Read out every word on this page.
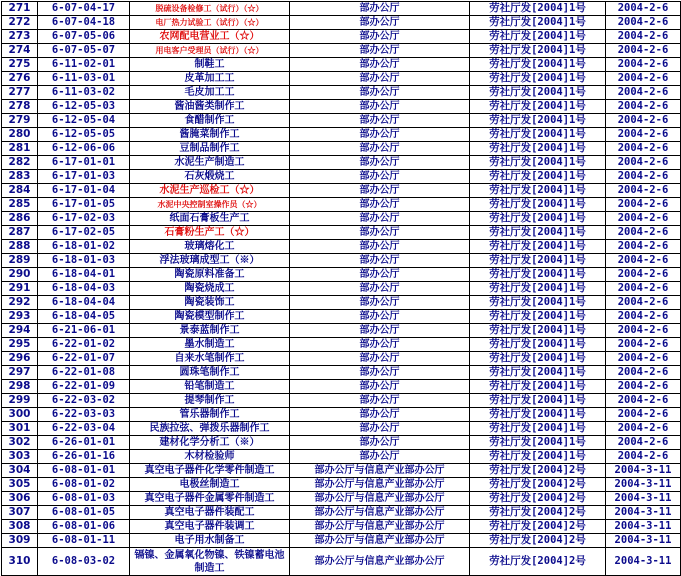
271	6-07-04-17	脱硫设备检修工（试行）（☆）	部办公厅	劳社厅发[2004]1号	2004-2-6
272	6-07-04-18	电厂热力试验工（试行）（☆）	部办公厅	劳社厅发[2004]1号	2004-2-6
273	6-07-05-06	农网配电营业工（☆）	部办公厅	劳社厅发[2004]1号	2004-2-6
274	6-07-05-07	用电客户受理员（试行）（☆）	部办公厅	劳社厅发[2004]1号	2004-2-6
275	6-11-02-01	制鞋工	部办公厅	劳社厅发[2004]1号	2004-2-6
276	6-11-03-01	皮革加工工	部办公厅	劳社厅发[2004]1号	2004-2-6
277	6-11-03-02	毛皮加工工	部办公厅	劳社厅发[2004]1号	2004-2-6
278	6-12-05-03	酱油酱类制作工	部办公厅	劳社厅发[2004]1号	2004-2-6
279	6-12-05-04	食醋制作工	部办公厅	劳社厅发[2004]1号	2004-2-6
280	6-12-05-05	酱腌菜制作工	部办公厅	劳社厅发[2004]1号	2004-2-6
281	6-12-06-06	豆制品制作工	部办公厅	劳社厅发[2004]1号	2004-2-6
282	6-17-01-01	水泥生产制造工	部办公厅	劳社厅发[2004]1号	2004-2-6
283	6-17-01-03	石灰煅烧工	部办公厅	劳社厅发[2004]1号	2004-2-6
284	6-17-01-04	水泥生产巡检工（☆）	部办公厅	劳社厅发[2004]1号	2004-2-6
285	6-17-01-05	水泥中央控制室操作员（☆）	部办公厅	劳社厅发[2004]1号	2004-2-6
286	6-17-02-03	纸面石膏板生产工	部办公厅	劳社厅发[2004]1号	2004-2-6
287	6-17-02-05	石膏粉生产工（☆）	部办公厅	劳社厅发[2004]1号	2004-2-6
288	6-18-01-02	玻璃熔化工	部办公厅	劳社厅发[2004]1号	2004-2-6
289	6-18-01-03	浮法玻璃成型工（※）	部办公厅	劳社厅发[2004]1号	2004-2-6
290	6-18-04-01	陶瓷原料准备工	部办公厅	劳社厅发[2004]1号	2004-2-6
291	6-18-04-03	陶瓷烧成工	部办公厅	劳社厅发[2004]1号	2004-2-6
292	6-18-04-04	陶瓷装饰工	部办公厅	劳社厅发[2004]1号	2004-2-6
293	6-18-04-05	陶瓷模型制作工	部办公厅	劳社厅发[2004]1号	2004-2-6
294	6-21-06-01	景泰蓝制作工	部办公厅	劳社厅发[2004]1号	2004-2-6
295	6-22-01-02	墨水制造工	部办公厅	劳社厅发[2004]1号	2004-2-6
296	6-22-01-07	自来水笔制作工	部办公厅	劳社厅发[2004]1号	2004-2-6
297	6-22-01-08	圆珠笔制作工	部办公厅	劳社厅发[2004]1号	2004-2-6
298	6-22-01-09	铅笔制造工	部办公厅	劳社厅发[2004]1号	2004-2-6
299	6-22-03-02	提琴制作工	部办公厅	劳社厅发[2004]1号	2004-2-6
300	6-22-03-03	管乐器制作工	部办公厅	劳社厅发[2004]1号	2004-2-6
301	6-22-03-04	民族拉弦、弹拨乐器制作工	部办公厅	劳社厅发[2004]1号	2004-2-6
302	6-26-01-01	建材化学分析工（※）	部办公厅	劳社厅发[2004]1号	2004-2-6
303	6-26-01-16	木材检验师	部办公厅	劳社厅发[2004]1号	2004-2-6
304	6-08-01-01	真空电子器件化学零件制造工	部办公厅与信息产业部办公厅	劳社厅发[2004]2号	2004-3-11
305	6-08-01-02	电极丝制造工	部办公厅与信息产业部办公厅	劳社厅发[2004]2号	2004-3-11
306	6-08-01-03	真空电子器件金属零件制造工	部办公厅与信息产业部办公厅	劳社厅发[2004]2号	2004-3-11
307	6-08-01-05	真空电子器件装配工	部办公厅与信息产业部办公厅	劳社厅发[2004]2号	2004-3-11
308	6-08-01-06	真空电子器件装调工	部办公厅与信息产业部办公厅	劳社厅发[2004]2号	2004-3-11
309	6-08-01-11	电子用水制备工	部办公厅与信息产业部办公厅	劳社厅发[2004]2号	2004-3-11
310	6-08-03-02	镉镍、金属氧化物镍、铁镍蓄电池制造工	部办公厅与信息产业部办公厅	劳社厅发[2004]2号	2004-3-11
